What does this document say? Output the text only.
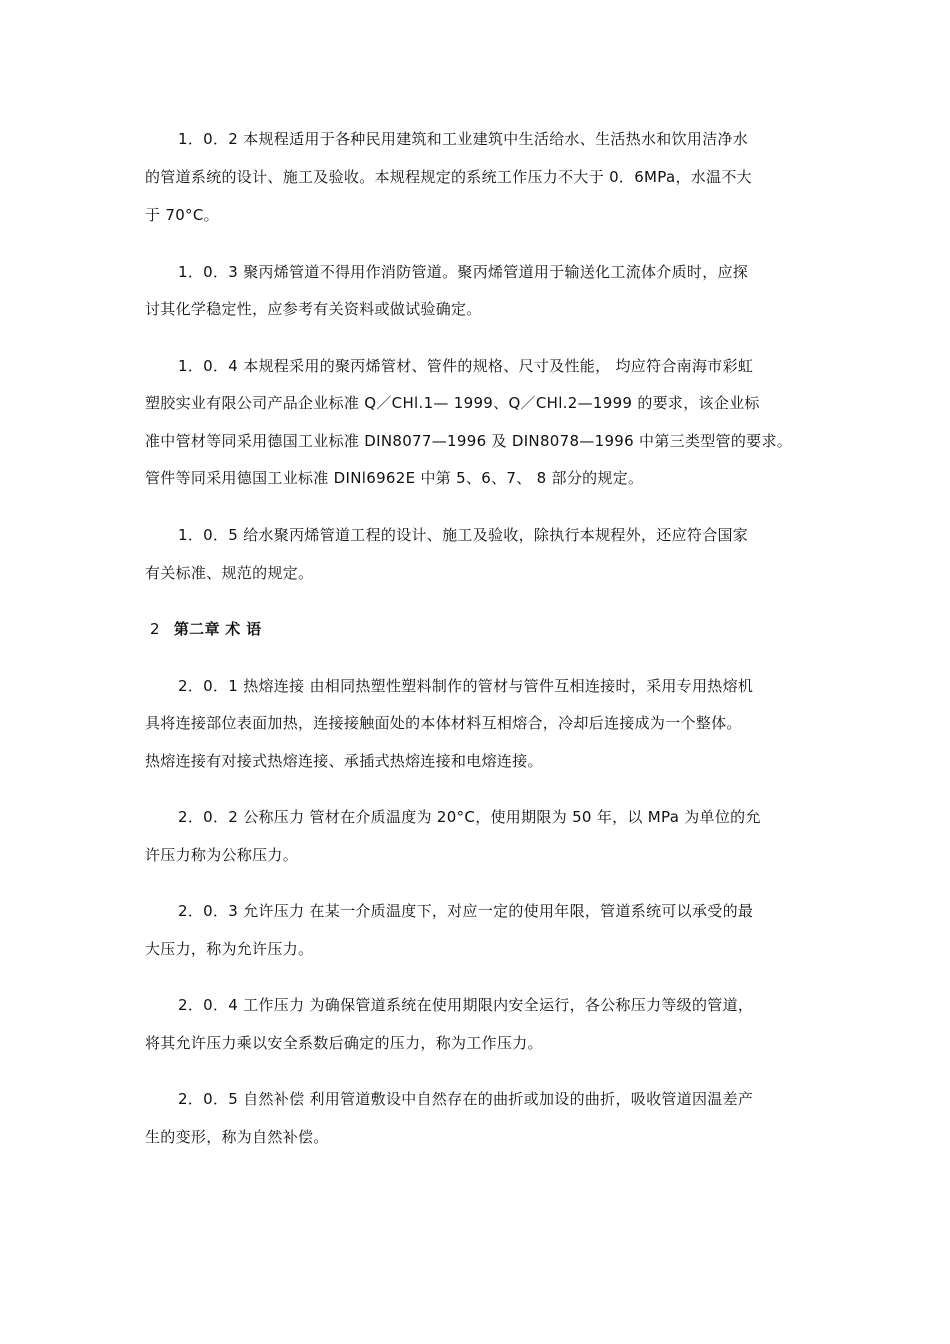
1．0．2 本规程适用于各种民用建筑和工业建筑中生活给水、生活热水和饮用洁净水
的管道系统的设计、施工及验收。本规程规定的系统工作压力不大于 0．6MPa，水温不大
于 70°C。
1．0．3 聚丙烯管道不得用作消防管道。聚丙烯管道用于输送化工流体介质时，应探
讨其化学稳定性，应参考有关资料或做试验确定。
1．0．4 本规程采用的聚丙烯管材、管件的规格、尺寸及性能， 均应符合南海市彩虹
塑胶实业有限公司产品企业标准 Q／CHl.1— 1999、Q／CHl.2—1999 的要求，该企业标
准中管材等同采用德国工业标准 DIN8077—1996 及 DIN8078—1996 中第三类型管的要求。
管件等同采用德国工业标准 DINl6962E 中第 5、6、7、 8 部分的规定。
1．0．5 给水聚丙烯管道工程的设计、施工及验收，除执行本规程外，还应符合国家
有关标准、规范的规定。
2 第二章 术 语
2．0．1 热熔连接 由相同热塑性塑料制作的管材与管件互相连接时，采用专用热熔机
具将连接部位表面加热，连接接触面处的本体材料互相熔合，冷却后连接成为一个整体。
热熔连接有对接式热熔连接、承插式热熔连接和电熔连接。
2．0．2 公称压力 管材在介质温度为 20°C，使用期限为 50 年，以 MPa 为单位的允
许压力称为公称压力。
2．0．3 允许压力 在某一介质温度下，对应一定的使用年限，管道系统可以承受的最
大压力，称为允许压力。
2．0．4 工作压力 为确保管道系统在使用期限内安全运行，各公称压力等级的管道，
将其允许压力乘以安全系数后确定的压力，称为工作压力。
2．0．5 自然补偿 利用管道敷设中自然存在的曲折或加设的曲折，吸收管道因温差产
生的变形，称为自然补偿。
